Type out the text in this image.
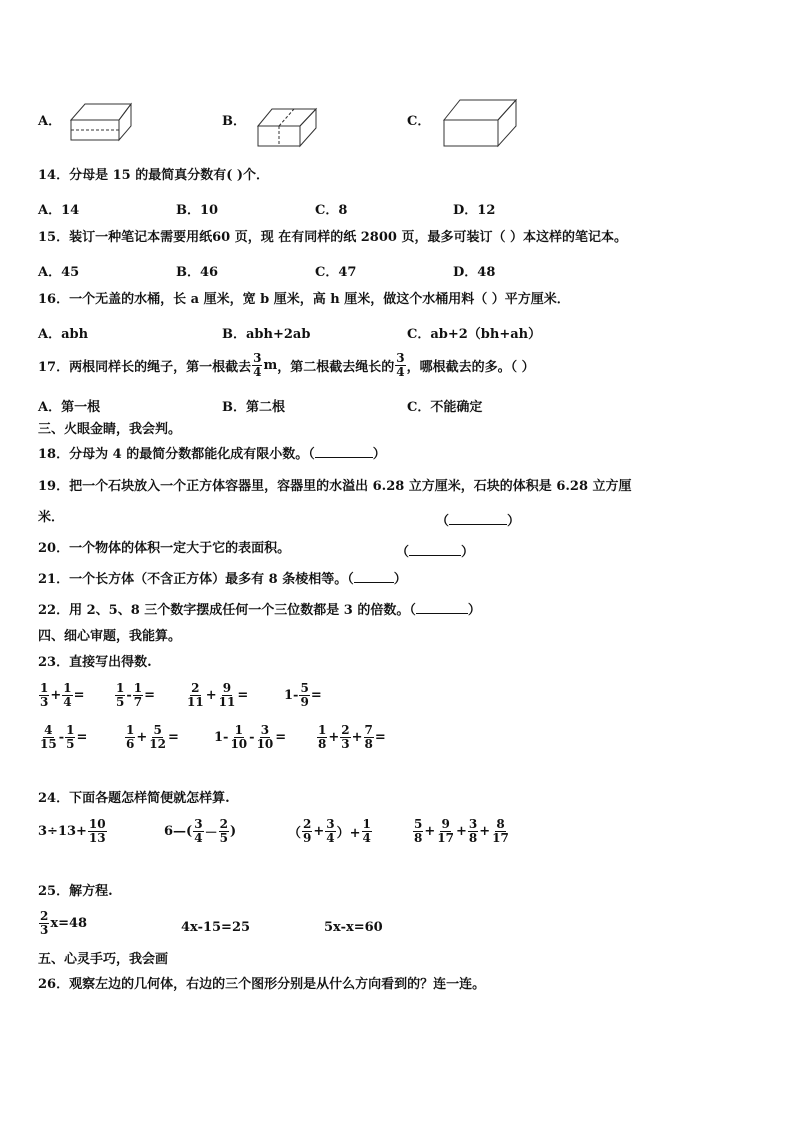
A．	B．	C．
14．分母是 15 的最简真分数有( )个．
A．14	B．10	C．8	D．12
15．装订一种笔记本需要用纸60 页，现 在有同样的纸 2800 页，最多可装订（ ）本这样的笔记本。
A．45	B．46	C．47	D．48
16．一个无盖的水桶，长 a 厘米，宽 b 厘米，高 h 厘米，做这个水桶用料（ ）平方厘米．
A．abh	B．abh+2ab	C．ab+2（bh+ah）
17．两根同样长的绳子，第一根截去 $\frac{3}{4}$ m ，第二根截去绳长的 $\frac{3}{4}$ ，哪根截去的多。（ ）
A．第一根	B．第二根	C．不能确定
三、火眼金睛，我会判。
18．分母为 4 的最简分数都能化成有限小数。（	）
19．把一个石块放入一个正方体容器里，容器里的水溢出 6.28 立方厘米，石块的体积是 6.28 立方厘
米．	（	）
20．一个物体的体积一定大于它的表面积。	（	）
21．一个长方体（不含正方体）最多有 8 条棱相等。（	）
22．用 2、5、8 三个数字摆成任何一个三位数都是 3 的倍数。（	）
四、细心审题，我能算。
23．直接写出得数.
$\frac{1}{3} + \frac{1}{4}$ =	$\frac{1}{5} - \frac{1}{7}$ =	$\frac{2}{11} + \frac{9}{11}$ =	$1- \frac{5}{9}$ =
$\frac{4}{15} - \frac{1}{5}$ =	$\frac{1}{6} + \frac{5}{12}$ =	$1- \frac{1}{10} - \frac{3}{10}$ =	$\frac{1}{8} + \frac{2}{3} + \frac{7}{8}$ =
24．下面各题怎样简便就怎样算.
$3\div 13+ \frac{10}{13}$	6—( $\frac{3}{4} - \frac{2}{5}$ )	（ $\frac{2}{9} + \frac{3}{4}$ ）+ $\frac{1}{4}$	$\frac{5}{8} + \frac{9}{17} + \frac{3}{8} + \frac{8}{17}$
25．解方程.
$\frac{2}{3} x=48$	4x-15=25	5x-x=60
五、心灵手巧，我会画
26．观察左边的几何体，右边的三个图形分别是从什么方向看到的？连一连。
